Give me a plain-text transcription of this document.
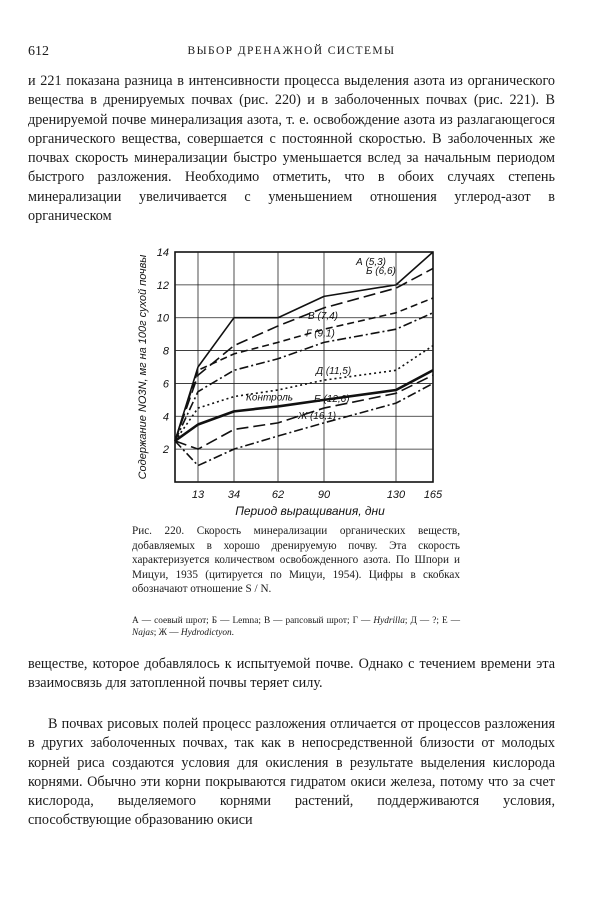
612	ВЫБОР ДРЕНАЖНОЙ СИСТЕМЫ

и 221 показана разница в интенсивности процесса выделения азота из органического вещества в дренируемых почвах (рис. 220) и в заболоченных почвах (рис. 221). В дренируемой почве минерализация азота, т. е. освобождение азота из разлагающегося органического вещества, совершается с постоянной скоростью. В заболоченных же почвах скорость минерализации быстро уменьшается вслед за начальным периодом быстрого разложения. Необходимо отметить, что в обоих случаях степень минерализации увеличивается с уменьшением отношения углерод-азот в органическом

2
4
6
8
10
12
14
13 34	62	90	130 165
Период выращивания, дни
Содержание NO3N, мг на 100г сухой почвы	А (5,3)
Б (6,6)
В (7,4)
Г (9,1)
Д (11,5)
Контроль Е (12,6)
Ж (16,1)

Рис. 220. Скорость минерализации органических веществ, добавляемых в хорошо дренируемую почву. Эта скорость характеризуется количеством освобожденного азота. По Шпори и Мицуи, 1935 (цитируется по Мицуи, 1954). Цифры в скобках обозначают отношение S / N.

А — соевый шрот; Б — Lemna; В — рапсовый шрот; Г — Hydrilla; Д — ?; Е — Najas; Ж — Hydrodictyon.

веществе, которое добавлялось к испытуемой почве. Однако с течением времени эта взаимосвязь для затопленной почвы теряет силу.

В почвах рисовых полей процесс разложения отличается от процессов разложения в других заболоченных почвах, так как в непосредственной близости от молодых корней риса создаются условия для окисления в результате выделения кислорода корнями. Обычно эти корни покрываются гидратом окиси железа, потому что за счет кислорода, выделяемого корнями растений, поддерживаются условия, способствующие образованию окиси
